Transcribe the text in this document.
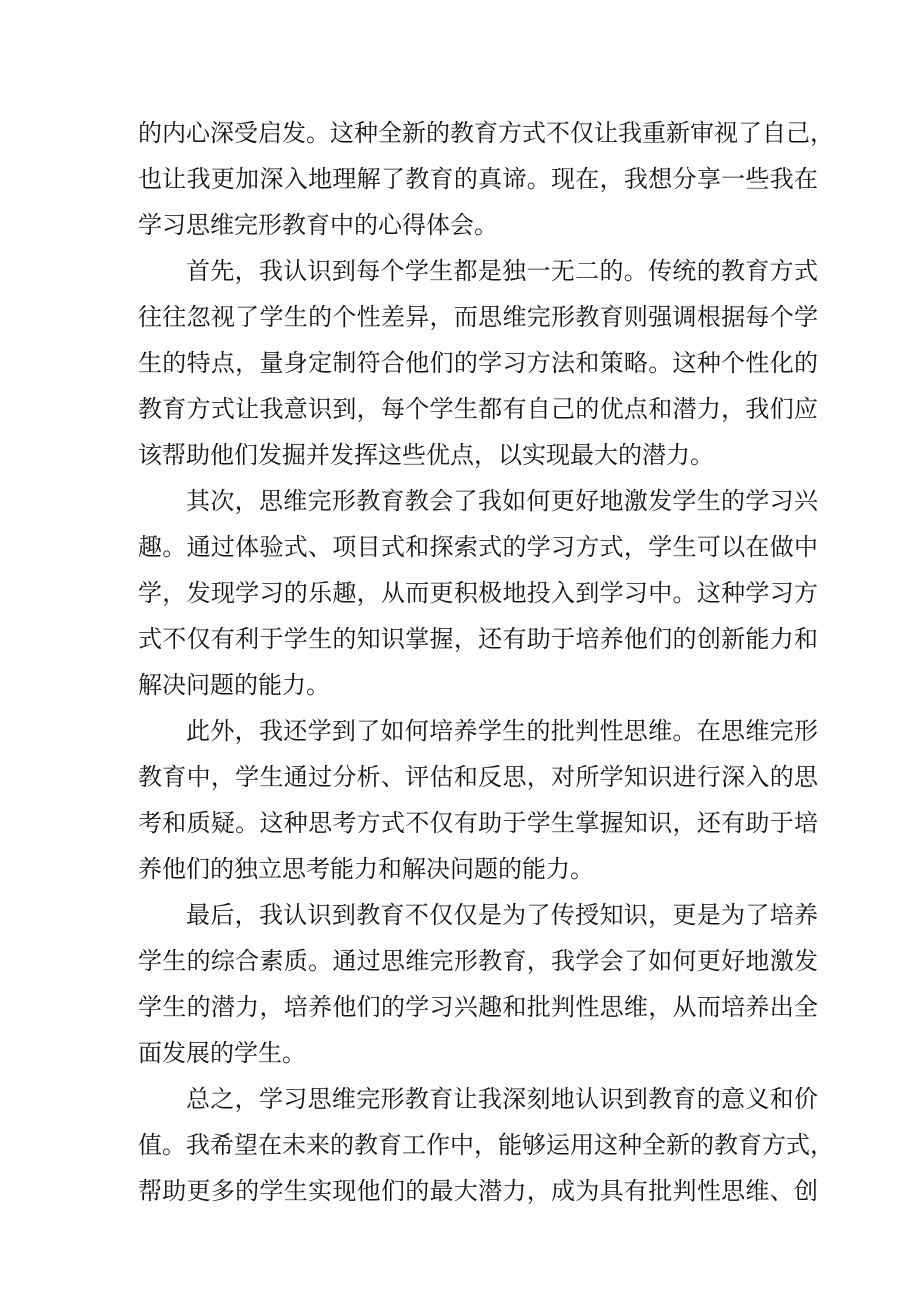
的内心深受启发。这种全新的教育方式不仅让我重新审视了自己，
也让我更加深入地理解了教育的真谛。现在，我想分享一些我在
学习思维完形教育中的心得体会。
首先，我认识到每个学生都是独一无二的。传统的教育方式
往往忽视了学生的个性差异，而思维完形教育则强调根据每个学
生的特点，量身定制符合他们的学习方法和策略。这种个性化的
教育方式让我意识到，每个学生都有自己的优点和潜力，我们应
该帮助他们发掘并发挥这些优点，以实现最大的潜力。
其次，思维完形教育教会了我如何更好地激发学生的学习兴
趣。通过体验式、项目式和探索式的学习方式，学生可以在做中
学，发现学习的乐趣，从而更积极地投入到学习中。这种学习方
式不仅有利于学生的知识掌握，还有助于培养他们的创新能力和
解决问题的能力。
此外，我还学到了如何培养学生的批判性思维。在思维完形
教育中，学生通过分析、评估和反思，对所学知识进行深入的思
考和质疑。这种思考方式不仅有助于学生掌握知识，还有助于培
养他们的独立思考能力和解决问题的能力。
最后，我认识到教育不仅仅是为了传授知识，更是为了培养
学生的综合素质。通过思维完形教育，我学会了如何更好地激发
学生的潜力，培养他们的学习兴趣和批判性思维，从而培养出全
面发展的学生。
总之，学习思维完形教育让我深刻地认识到教育的意义和价
值。我希望在未来的教育工作中，能够运用这种全新的教育方式，
帮助更多的学生实现他们的最大潜力，成为具有批判性思维、创
